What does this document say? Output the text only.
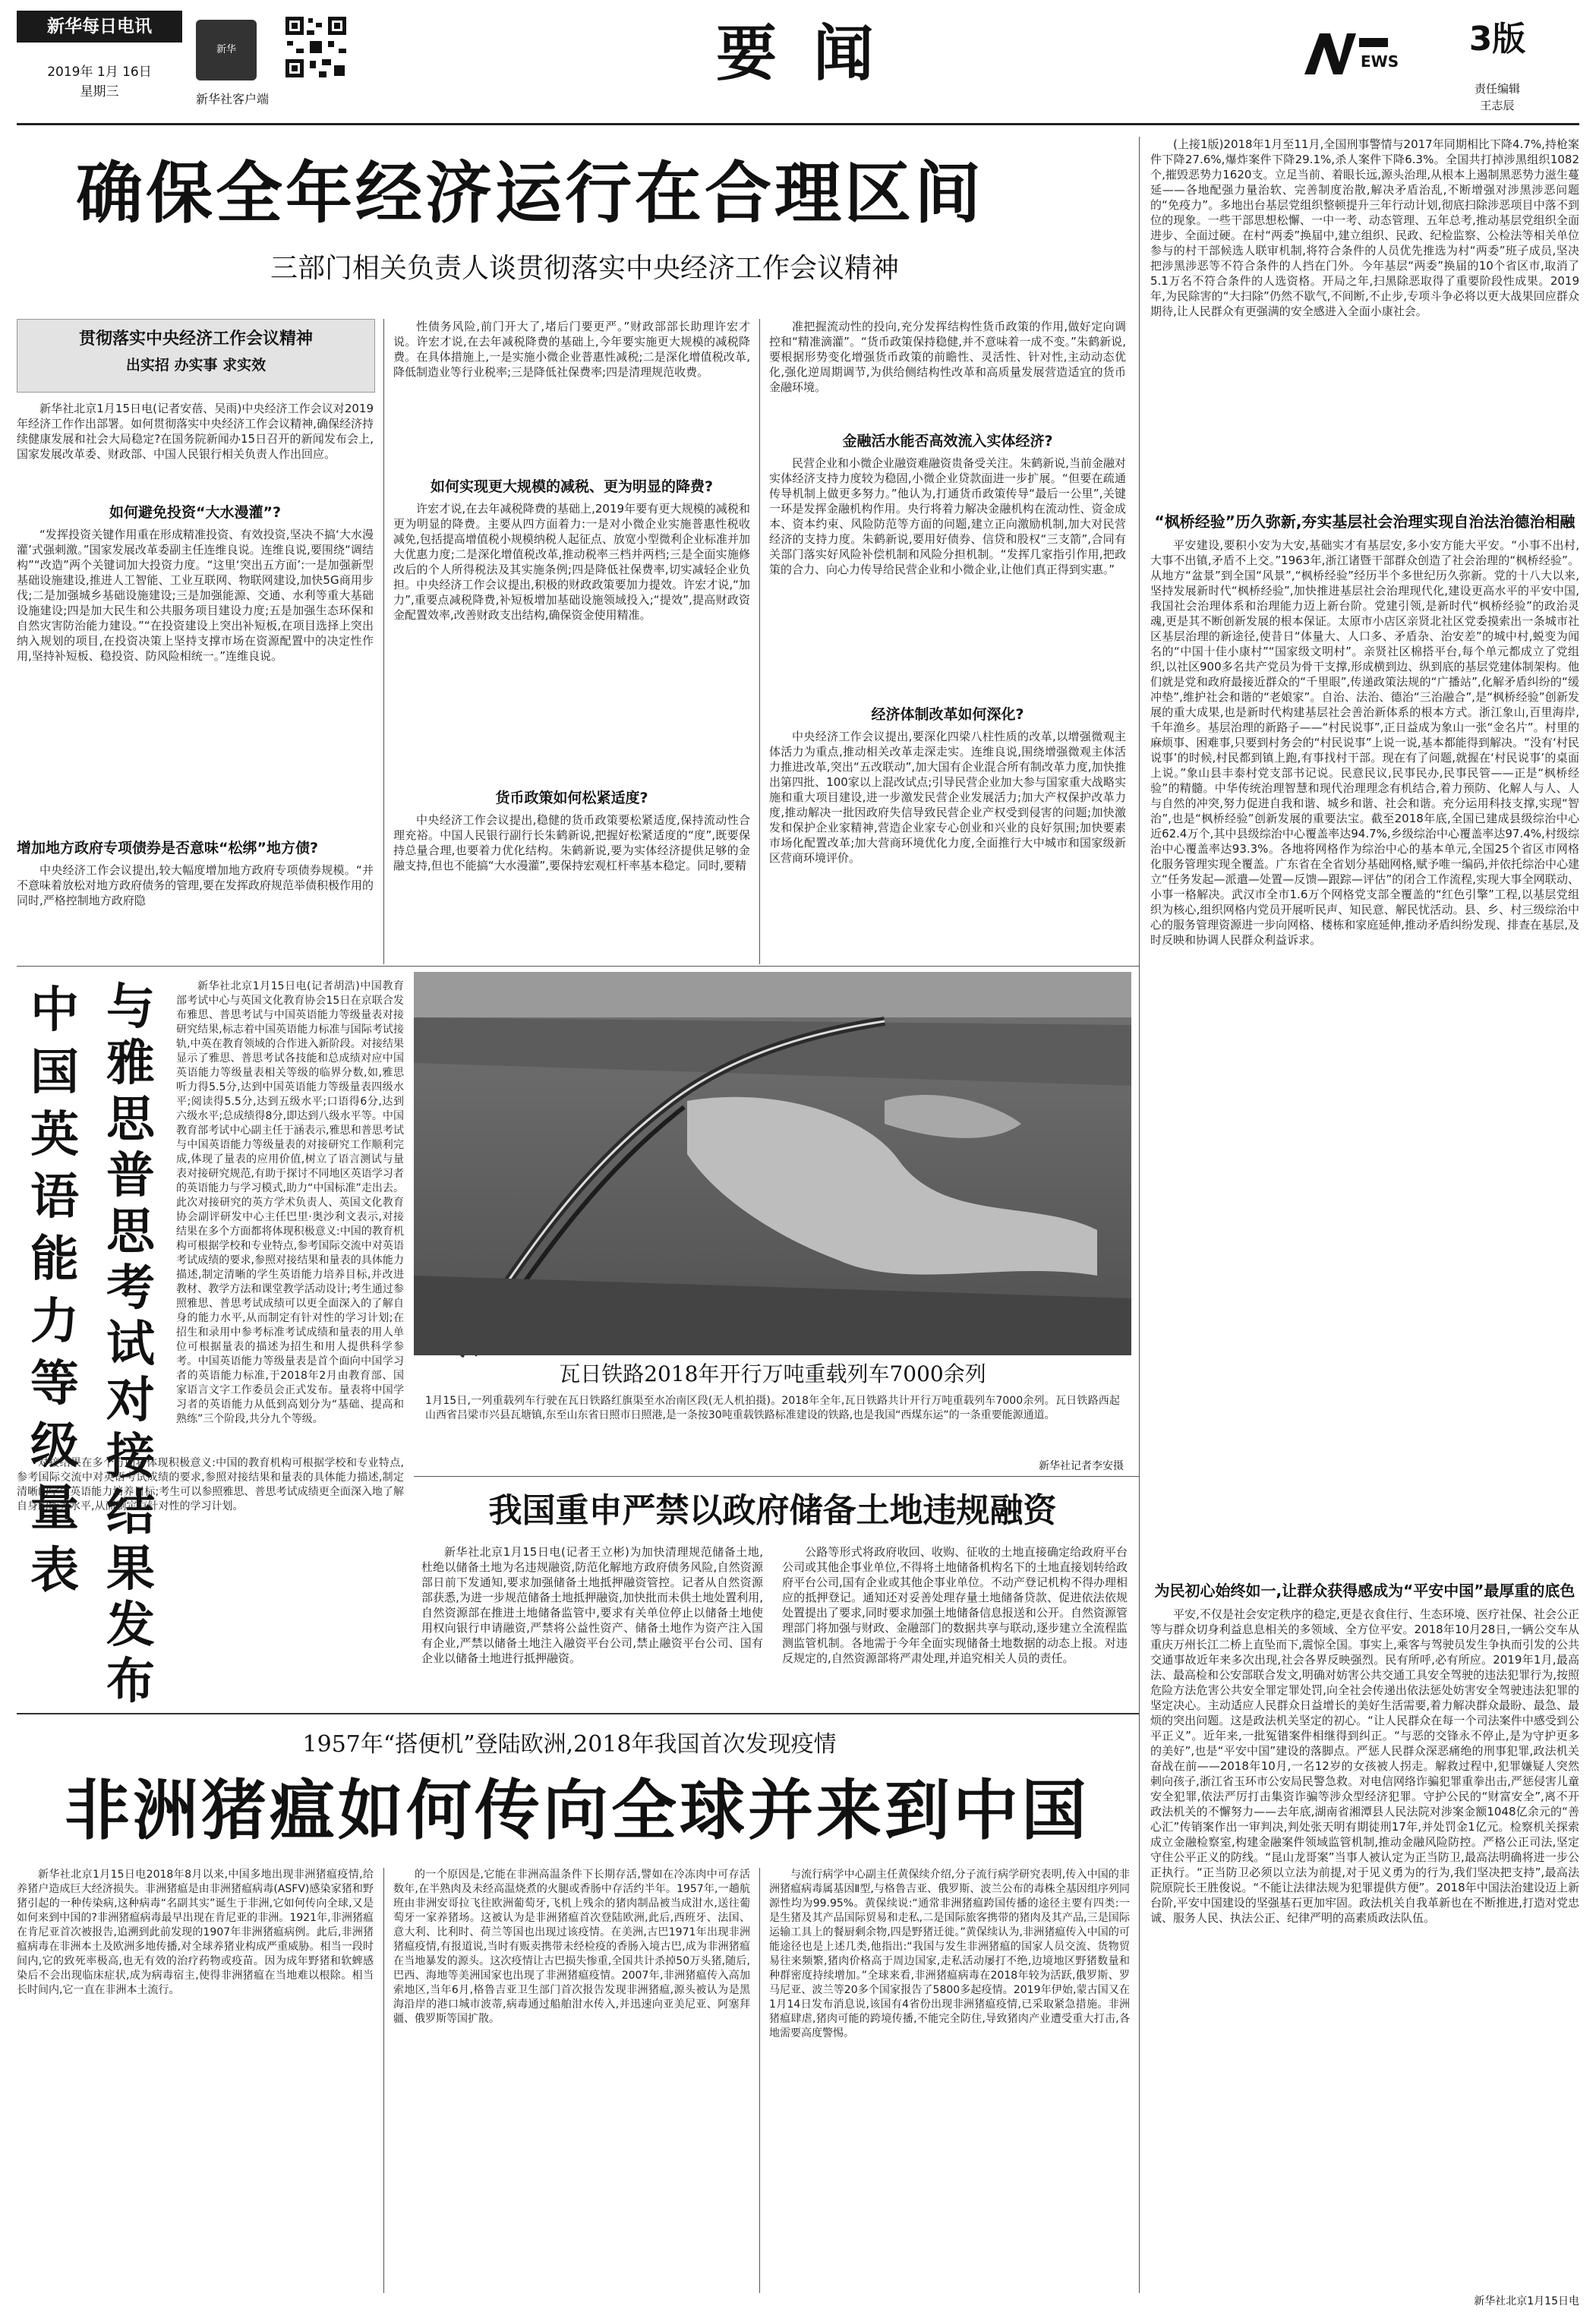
新华每日电讯
2019年 1月 16日
星期三
新华
新华社客户端
要 闻	EWS
3版
责任编辑
王志辰
确保全年经济运行在合理区间
三部门相关负责人谈贯彻落实中央经济工作会议精神
贯彻落实中央经济工作会议精神
出实招 办实事 求实效

新华社北京1月15日电(记者安蓓、吴雨)中央经济工作会议对2019年经济工作作出部署。如何贯彻落实中央经济工作会议精神,确保经济持续健康发展和社会大局稳定?在国务院新闻办15日召开的新闻发布会上,国家发展改革委、财政部、中国人民银行相关负责人作出回应。

如何避免投资“大水漫灌”?

“发挥投资关键作用重在形成精准投资、有效投资,坚决不搞‘大水漫灌’式强刺激。”国家发展改革委副主任连维良说。连维良说,要围绕“调结构”“改造”两个关键词加大投资力度。“这里‘突出五方面’:一是加强新型基础设施建设,推进人工智能、工业互联网、物联网建设,加快5G商用步伐;二是加强城乡基础设施建设;三是加强能源、交通、水利等重大基础设施建设;四是加大民生和公共服务项目建设力度;五是加强生态环保和自然灾害防治能力建设。”“在投资建设上突出补短板,在项目选择上突出纳入规划的项目,在投资决策上坚持支撑市场在资源配置中的决定性作用,坚持补短板、稳投资、防风险相统一。”连维良说。

增加地方政府专项债券是否意味“松绑”地方债?

中央经济工作会议提出,较大幅度增加地方政府专项债券规模。“并不意味着放松对地方政府债务的管理,要在发挥政府规范举债积极作用的同时,严格控制地方政府隐

性债务风险,前门开大了,堵后门要更严。”财政部部长助理许宏才说。许宏才说,在去年减税降费的基础上,今年要实施更大规模的减税降费。在具体措施上,一是实施小微企业普惠性减税;二是深化增值税改革,降低制造业等行业税率;三是降低社保费率;四是清理规范收费。

如何实现更大规模的减税、更为明显的降费?

许宏才说,在去年减税降费的基础上,2019年要有更大规模的减税和更为明显的降费。主要从四方面着力:一是对小微企业实施普惠性税收减免,包括提高增值税小规模纳税人起征点、放宽小型微利企业标准并加大优惠力度;二是深化增值税改革,推动税率三档并两档;三是全面实施修改后的个人所得税法及其实施条例;四是降低社保费率,切实减轻企业负担。中央经济工作会议提出,积极的财政政策要加力提效。许宏才说,“加力”,重要点减税降费,补短板增加基础设施领域投入;“提效”,提高财政资金配置效率,改善财政支出结构,确保资金使用精准。

货币政策如何松紧适度?

中央经济工作会议提出,稳健的货币政策要松紧适度,保持流动性合理充裕。中国人民银行副行长朱鹤新说,把握好松紧适度的“度”,既要保持总量合理,也要着力优化结构。朱鹤新说,要为实体经济提供足够的金融支持,但也不能搞“大水漫灌”,要保持宏观杠杆率基本稳定。同时,要精

准把握流动性的投向,充分发挥结构性货币政策的作用,做好定向调控和“精准滴灌”。“货币政策保持稳健,并不意味着一成不变。”朱鹤新说,要根据形势变化增强货币政策的前瞻性、灵活性、针对性,主动动态优化,强化逆周期调节,为供给侧结构性改革和高质量发展营造适宜的货币金融环境。

金融活水能否高效流入实体经济?

民营企业和小微企业融资难融资贵备受关注。朱鹤新说,当前金融对实体经济支持力度较为稳固,小微企业贷款面进一步扩展。“但要在疏通传导机制上做更多努力。”他认为,打通货币政策传导“最后一公里”,关键一环是发挥金融机构作用。央行将着力解决金融机构在流动性、资金成本、资本约束、风险防范等方面的问题,建立正向激励机制,加大对民营经济的支持力度。朱鹤新说,要用好债券、信贷和股权“三支箭”,合同有关部门落实好风险补偿机制和风险分担机制。“发挥几家指引作用,把政策的合力、向心力传导给民营企业和小微企业,让他们真正得到实惠。”

经济体制改革如何深化?

中央经济工作会议提出,要深化四梁八柱性质的改革,以增强微观主体活力为重点,推动相关改革走深走实。连维良说,围绕增强微观主体活力推进改革,突出“五改联动”,加大国有企业混合所有制改革力度,加快推出第四批、100家以上混改试点;引导民营企业加大参与国家重大战略实施和重大项目建设,进一步激发民营企业发展活力;加大产权保护改革力度,推动解决一批因政府失信导致民营企业产权受到侵害的问题;加快激发和保护企业家精神,营造企业家专心创业和兴业的良好氛围;加快要素市场化配置改革;加大营商环境优化力度,全面推行大中城市和国家级新区营商环境评价。

(上接1版)2018年1月至11月,全国刑事警情与2017年同期相比下降4.7%,持枪案件下降27.6%,爆炸案件下降29.1%,杀人案件下降6.3%。全国共打掉涉黑组织1082个,摧毁恶势力1620支。立足当前、着眼长远,源头治理,从根本上遏制黑恶势力滋生蔓延——各地配强力量治软、完善制度治散,解决矛盾治乱,不断增强对涉黑涉恶问题的“免疫力”。多地出台基层党组织整顿提升三年行动计划,彻底扫除涉恶项目中落不到位的现象。一些干部思想松懈、一中一考、动态管理、五年总考,推动基层党组织全面进步、全面过硬。在村“两委”换届中,建立组织、民政、纪检监察、公检法等相关单位参与的村干部候选人联审机制,将符合条件的人员优先推选为村“两委”班子成员,坚决把涉黑涉恶等不符合条件的人挡在门外。今年基层“两委”换届的10个省区市,取消了5.1万名不符合条件的人选资格。开局之年,扫黑除恶取得了重要阶段性成果。2019年,为民除害的“大扫除”仍然不歇气,不间断,不止步,专项斗争必将以更大战果回应群众期待,让人民群众有更强满的安全感进入全面小康社会。

“枫桥经验”历久弥新,夯实基层社会治理实现自治法治德治相融

平安建设,要积小安为大安,基础实才有基层安,多小安方能大平安。“小事不出村,大事不出镇,矛盾不上交。”1963年,浙江诸暨干部群众创造了社会治理的“枫桥经验”。从地方“盆景”到全国“风景”,“枫桥经验”经历半个多世纪历久弥新。党的十八大以来,坚持发展新时代“枫桥经验”,加快推进基层社会治理现代化,建设更高水平的平安中国,我国社会治理体系和治理能力迈上新台阶。党建引领,是新时代“枫桥经验”的政治灵魂,更是其不断创新发展的根本保证。太原市小店区亲贤北社区党委摸索出一条城市社区基层治理的新途径,使昔日“体量大、人口多、矛盾杂、治安差”的城中村,蜕变为闻名的“中国十佳小康村”“国家级文明村”。亲贤社区棉搭平台,每个单元都成立了党组织,以社区900多名共产党员为骨干支撑,形成横到边、纵到底的基层党建体制架构。他们就是党和政府最接近群众的“千里眼”,传递政策法规的“广播站”,化解矛盾纠纷的“缓冲垫”,维护社会和谐的“老娘家”。自治、法治、德治“三治融合”,是“枫桥经验”创新发展的重大成果,也是新时代构建基层社会善治新体系的根本方式。浙江象山,百里海岸,千年渔乡。基层治理的新路子——“村民说事”,正日益成为象山一张“金名片”。村里的麻烦事、困难事,只要到村务会的“村民说事”上说一说,基本都能得到解决。“没有‘村民说事’的时候,村民都到镇上跑,有事找村干部。现在有了问题,就握在‘村民说事’的桌面上说。”象山县丰泰村党支部书记说。民意民议,民事民办,民事民管——正是“枫桥经验”的精髓。中华传统治理智慧和现代治理理念有机结合,着力预防、化解人与人、人与自然的冲突,努力促进自我和谐、城乡和谐、社会和谐。充分运用科技支撑,实现“智治”,也是“枫桥经验”创新发展的重要法宝。截至2018年底,全国已建成县级综治中心近62.4万个,其中县级综治中心覆盖率达94.7%,乡级综治中心覆盖率达97.4%,村级综治中心覆盖率达93.3%。各地将网格作为综治中心的基本单元,全国25个省区市网格化服务管理实现全覆盖。广东省在全省划分基础网格,赋予唯一编码,并依托综治中心建立“任务发起—派遣—处置—反馈—跟踪—评估”的闭合工作流程,实现大事全网联动、小事一格解决。武汉市全市1.6万个网格党支部全覆盖的“红色引擎”工程,以基层党组织为核心,组织网格内党员开展听民声、知民意、解民忧活动。县、乡、村三级综治中心的服务管理资源进一步向网格、楼栋和家庭延伸,推动矛盾纠纷发现、排查在基层,及时反映和协调人民群众利益诉求。

为民初心始终如一,让群众获得感成为“平安中国”最厚重的底色

平安,不仅是社会安定秩序的稳定,更是衣食住行、生态环境、医疗社保、社会公正等与群众切身利益息息相关的多领域、全方位平安。2018年10月28日,一辆公交车从重庆万州长江二桥上直坠而下,震惊全国。事实上,乘客与驾驶员发生争执而引发的公共交通事故近年来多次出现,社会各界反映强烈。民有所呼,必有所应。2019年1月,最高法、最高检和公安部联合发文,明确对妨害公共交通工具安全驾驶的违法犯罪行为,按照危险方法危害公共安全罪定罪处罚,向全社会传递出依法惩处妨害安全驾驶违法犯罪的坚定决心。主动适应人民群众日益增长的美好生活需要,着力解决群众最盼、最急、最烦的突出问题。这是政法机关坚定的初心。“让人民群众在每一个司法案件中感受到公平正义”。近年来,一批冤错案件相继得到纠正。“与恶的交锋永不停止,是为守护更多的美好”,也是“平安中国”建设的落脚点。严惩人民群众深恶痛绝的刑事犯罪,政法机关奋战在前——2018年10月,一名12岁的女孩被人拐走。解救过程中,犯罪嫌疑人突然刺向孩子,浙江省玉环市公安局民警急救。对电信网络诈骗犯罪重拳出击,严惩侵害儿童安全犯罪,依法严厉打击集资诈骗等涉众型经济犯罪。守护公民的“财富安全”,离不开政法机关的不懈努力——去年底,湖南省湘潭县人民法院对涉案金额1048亿余元的“善心汇”传销案作出一审判决,判处张天明有期徒刑17年,并处罚金1亿元。检察机关探索成立金融检察室,构建金融案件领域监管机制,推动金融风险防控。严格公正司法,坚定守住公平正义的防线。“昆山龙哥案”当事人被认定为正当防卫,最高法明确将进一步公正执行。“正当防卫必须以立法为前提,对于见义勇为的行为,我们坚决把支持”,最高法院原院长王胜俊说。“不能让法律法规为犯罪提供方便”。2018年中国法治建设迈上新台阶,平安中国建设的坚强基石更加牢固。政法机关自我革新也在不断推进,打造对党忠诚、服务人民、执法公正、纪律严明的高素质政法队伍。

中国英语能力等级量表
与雅思普思考试对接结果发布

新华社北京1月15日电(记者胡浩)中国教育部考试中心与英国文化教育协会15日在京联合发布雅思、普思考试与中国英语能力等级量表对接研究结果,标志着中国英语能力标准与国际考试接轨,中英在教育领域的合作进入新阶段。对接结果显示了雅思、普思考试各技能和总成绩对应中国英语能力等级量表相关等级的临界分数,如,雅思听力得5.5分,达到中国英语能力等级量表四级水平;阅读得5.5分,达到五级水平;口语得6分,达到六级水平;总成绩得8分,即达到八级水平等。中国教育部考试中心副主任于涵表示,雅思和普思考试与中国英语能力等级量表的对接研究工作顺利完成,体现了量表的应用价值,树立了语言测试与量表对接研究规范,有助于探讨不同地区英语学习者的英语能力与学习模式,助力“中国标准”走出去。此次对接研究的英方学术负责人、英国文化教育协会副评研发中心主任巴里·奥沙利文表示,对接结果在多个方面都将体现积极意义:中国的教育机构可根据学校和专业特点,参考国际交流中对英语考试成绩的要求,参照对接结果和量表的具体能力描述,制定清晰的学生英语能力培养目标,并改进教材、教学方法和课堂教学活动设计;考生通过参照雅思、普思考试成绩可以更全面深入的了解自身的能力水平,从而制定有针对性的学习计划;在招生和录用中参考标准考试成绩和量表的用人单位可根据量表的描述为招生和用人提供科学参考。中国英语能力等级量表是首个面向中国学习者的英语能力标准,于2018年2月由教育部、国家语言文字工作委员会正式发布。量表将中国学习者的英语能力从低到高划分为“基础、提高和熟练”三个阶段,共分九个等级。

对接结果在多个方面将体现积极意义:中国的教育机构可根据学校和专业特点,参考国际交流中对英语考试成绩的要求,参照对接结果和量表的具体能力描述,制定清晰的学生英语能力培养目标;考生可以参照雅思、普思考试成绩更全面深入地了解自身的能力水平,从而制定有针对性的学习计划。

瓦日铁路2018年开行万吨重载列车7000余列
1月15日,一列重载列车行驶在瓦日铁路红旗渠至水冶南区段(无人机拍摄)。2018年全年,瓦日铁路共计开行万吨重载列车7000余列。瓦日铁路西起山西省吕梁市兴县瓦塘镇,东至山东省日照市日照港,是一条按30吨重载铁路标准建设的铁路,也是我国“西煤东运”的一条重要能源通道。
新华社记者李安摄
我国重申严禁以政府储备土地违规融资

新华社北京1月15日电(记者王立彬)为加快清理规范储备土地,杜绝以储备土地为名违规融资,防范化解地方政府债务风险,自然资源部日前下发通知,要求加强储备土地抵押融资管控。记者从自然资源部获悉,为进一步规范储备土地抵押融资,加快批而未供土地处置利用,自然资源部在推进土地储备监管中,要求有关单位停止以储备土地使用权向银行申请融资,严禁将公益性资产、储备土地作为资产注入国有企业,严禁以储备土地注入融资平台公司,禁止融资平台公司、国有企业以储备土地进行抵押融资。

公路等形式将政府收回、收购、征收的土地直接确定给政府平台公司或其他企事业单位,不得将土地储备机构名下的土地直接划转给政府平台公司,国有企业或其他企事业单位。不动产登记机构不得办理相应的抵押登记。通知还对妥善处理存量土地储备贷款、促进依法依规处置提出了要求,同时要求加强土地储备信息报送和公开。自然资源管理部门将加强与财政、金融部门的数据共享与联动,逐步建立全流程监测监管机制。各地需于今年全面实现储备土地数据的动态上报。对违反规定的,自然资源部将严肃处理,并追究相关人员的责任。

1957年“搭便机”登陆欧洲,2018年我国首次发现疫情
非洲猪瘟如何传向全球并来到中国

新华社北京1月15日电2018年8月以来,中国多地出现非洲猪瘟疫情,给养猪户造成巨大经济损失。非洲猪瘟是由非洲猪瘟病毒(ASFV)感染家猪和野猪引起的一种传染病,这种病毒“名副其实”诞生于非洲,它如何传向全球,又是如何来到中国的?非洲猪瘟病毒最早出现在肯尼亚的非洲。1921年,非洲猪瘟在肯尼亚首次被报告,追溯到此前发现的1907年非洲猪瘟病例。此后,非洲猪瘟病毒在非洲本土及欧洲多地传播,对全球养猪业构成严重威胁。相当一段时间内,它的致死率极高,也无有效的治疗药物或疫苗。因为成年野猪和软蜱感染后不会出现临床症状,成为病毒宿主,使得非洲猪瘟在当地难以根除。相当长时间内,它一直在非洲本土流行。

的一个原因是,它能在非洲高温条件下长期存活,譬如在冷冻肉中可存活数年,在半熟肉及未经高温烧煮的火腿或香肠中存活约半年。1957年,一趟航班由非洲安哥拉飞往欧洲葡萄牙,飞机上残余的猪肉制品被当成泔水,送往葡萄牙一家养猪场。这被认为是非洲猪瘟首次登陆欧洲,此后,西班牙、法国、意大利、比利时、荷兰等国也出现过该疫情。在美洲,古巴1971年出现非洲猪瘟疫情,有报道说,当时有贩卖携带未经检疫的香肠入境古巴,成为非洲猪瘟在当地暴发的源头。这次疫情让古巴损失惨重,全国共计杀掉50万头猪,随后,巴西、海地等美洲国家也出现了非洲猪瘟疫情。2007年,非洲猪瘟传入高加索地区,当年6月,格鲁吉亚卫生部门首次报告发现非洲猪瘟,源头被认为是黑海沿岸的港口城市波蒂,病毒通过船舶泔水传入,并迅速向亚美尼亚、阿塞拜疆、俄罗斯等国扩散。

与流行病学中心副主任黄保续介绍,分子流行病学研究表明,传入中国的非洲猪瘟病毒属基因Ⅱ型,与格鲁吉亚、俄罗斯、波兰公布的毒株全基因组序列同源性均为99.95%。黄保续说:“通常非洲猪瘟跨国传播的途径主要有四类:一是生猪及其产品国际贸易和走私,二是国际旅客携带的猪肉及其产品,三是国际运输工具上的餐厨剩余物,四是野猪迁徙。”黄保续认为,非洲猪瘟传入中国的可能途径也是上述几类,他指出:“我国与发生非洲猪瘟的国家人员交流、货物贸易往来频繁,猪肉价格高于周边国家,走私活动屡打不绝,边境地区野猪数量和种群密度持续增加。”全球来看,非洲猪瘟病毒在2018年较为活跃,俄罗斯、罗马尼亚、波兰等20多个国家报告了5800多起疫情。2019年伊始,蒙古国又在1月14日发布消息说,该国有4省份出现非洲猪瘟疫情,已采取紧急措施。非洲猪瘟肆虐,猪肉可能的跨境传播,不能完全防住,导致猪肉产业遭受重大打击,各地需要高度警惕。

新华社北京1月15日电
